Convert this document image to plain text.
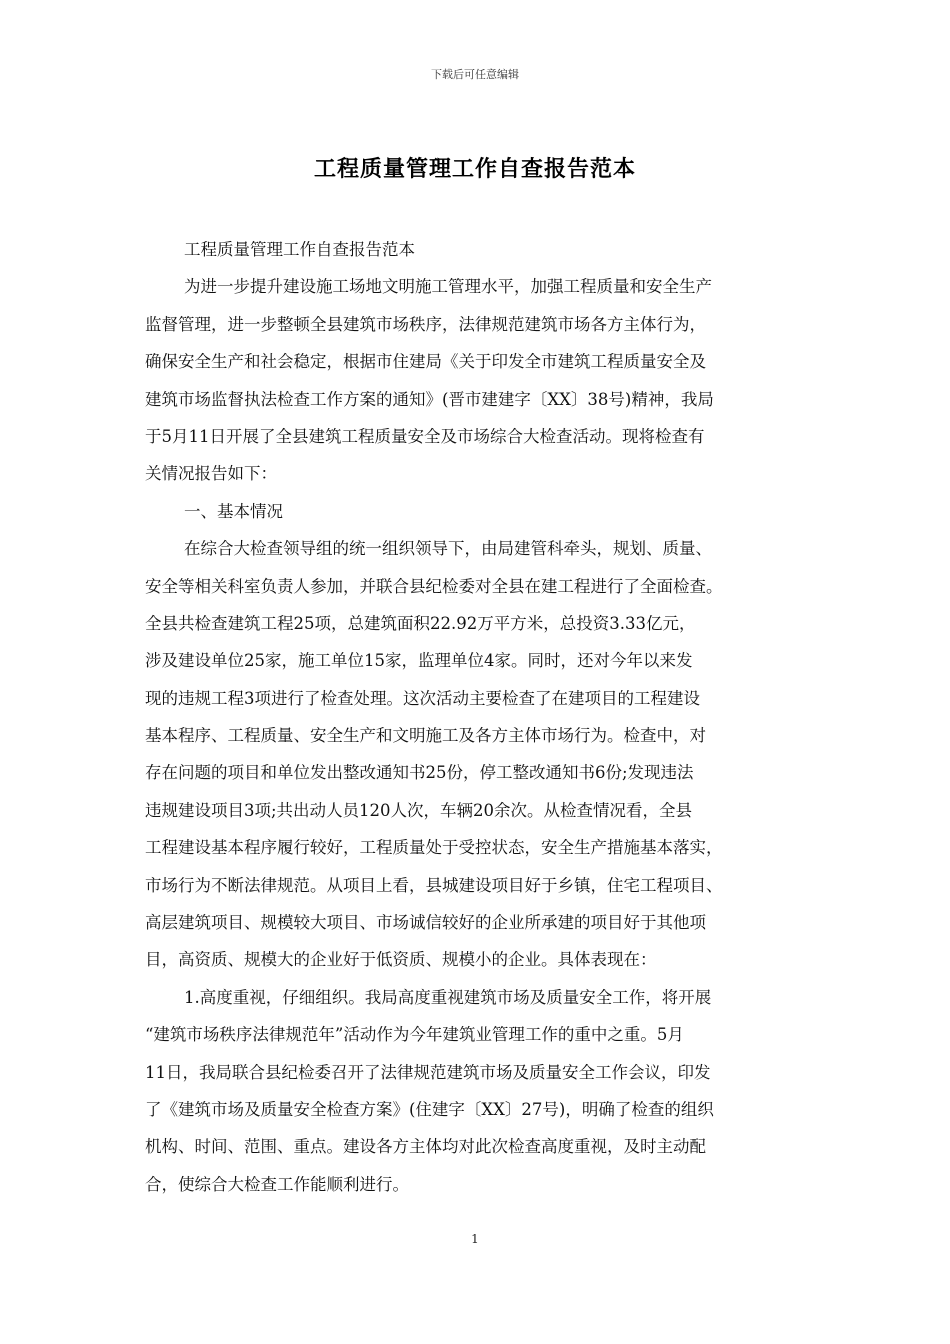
下载后可任意编辑
工程质量管理工作自查报告范本
工程质量管理工作自查报告范本
为进一步提升建设施工场地文明施工管理水平，加强工程质量和安全生产
监督管理，进一步整顿全县建筑市场秩序，法律规范建筑市场各方主体行为，
确保安全生产和社会稳定，根据市住建局《关于印发全市建筑工程质量安全及
建筑市场监督执法检查工作方案的通知》(晋市建建字〔XX〕38号)精神，我局
于5月11日开展了全县建筑工程质量安全及市场综合大检查活动。现将检查有
关情况报告如下：
一、基本情况
在综合大检查领导组的统一组织领导下，由局建管科牵头，规划、质量、
安全等相关科室负责人参加，并联合县纪检委对全县在建工程进行了全面检查。
全县共检查建筑工程25项，总建筑面积22.92万平方米，总投资3.33亿元，
涉及建设单位25家，施工单位15家，监理单位4家。同时，还对今年以来发
现的违规工程3项进行了检查处理。这次活动主要检查了在建项目的工程建设
基本程序、工程质量、安全生产和文明施工及各方主体市场行为。检查中，对
存在问题的项目和单位发出整改通知书25份，停工整改通知书6份;发现违法
违规建设项目3项;共出动人员120人次，车辆20余次。从检查情况看，全县
工程建设基本程序履行较好，工程质量处于受控状态，安全生产措施基本落实，
市场行为不断法律规范。从项目上看，县城建设项目好于乡镇，住宅工程项目、
高层建筑项目、规模较大项目、市场诚信较好的企业所承建的项目好于其他项
目，高资质、规模大的企业好于低资质、规模小的企业。具体表现在：
1.高度重视，仔细组织。我局高度重视建筑市场及质量安全工作，将开展
“建筑市场秩序法律规范年”活动作为今年建筑业管理工作的重中之重。5月
11日，我局联合县纪检委召开了法律规范建筑市场及质量安全工作会议，印发
了《建筑市场及质量安全检查方案》(住建字〔XX〕27号)，明确了检查的组织
机构、时间、范围、重点。建设各方主体均对此次检查高度重视，及时主动配
合，使综合大检查工作能顺利进行。
1
